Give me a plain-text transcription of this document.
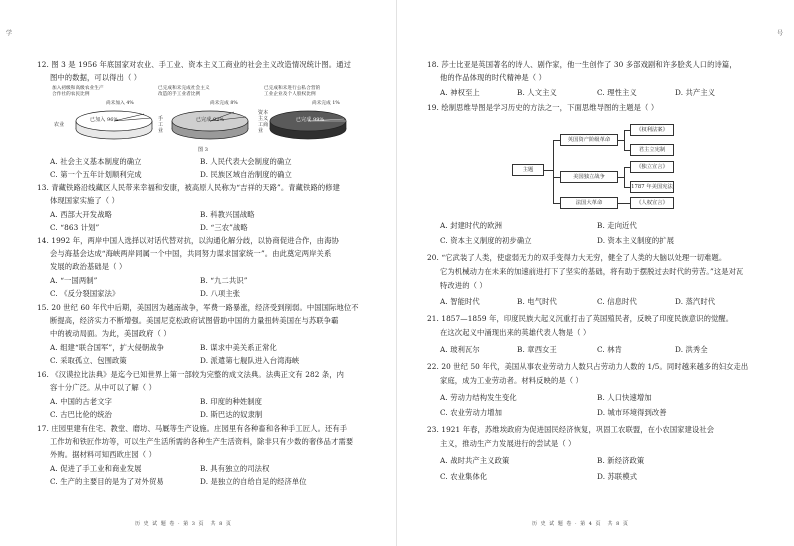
学
12. 图 3 是 1956 年底国家对农业、手工业、资本主义工商业的社会主义改造情况统计图。通过
图中的数据，可以得出（ ）
加入初级和高级农业生产
合作社的农民比例
尚未加入 4%
农业
已加入 96%
已完成和未完成社会主义
改造的手工业者比例
尚未完成 8%
手工业
已完成 92%
已完成和未进行公私合营的
工业企业及个人股权比例
尚未完成 1%
资本主义工商业
已完成 99%
图 3
A. 社会主义基本制度的确立	B. 人民代表大会制度的确立
C. 第一个五年计划顺利完成	D. 民族区域自治制度的确立
13. 青藏铁路沿线藏区人民带来幸福和安康，被高原人民称为“吉祥的天路”。青藏铁路的修建
体现国家实施了（ ）
A. 西部大开发战略	B. 科教兴国战略
C. “863 计划”	D. “三农”战略
14. 1992 年，两岸中国人选择以对话代替对抗，以沟通化解分歧，以协商促进合作，由海协
会与海基会达成“海峡两岸同属一个中国，共同努力谋求国家统一”。由此奠定两岸关系
发展的政治基础是（ ）
A. “一国两制”	B. “九二共识”
C. 《反分裂国家法》	D. 八项主张
15. 20 世纪 60 年代中后期，美国因为越南战争，军费一路暴涨，经济受到削弱。中国国际地位不
断提高，经济实力不断增强。美国尼克松政府试图借助中国的力量扭转美国在与苏联争霸
中的被动局面。为此，美国政府（ ）
A. 组建“联合国军”，扩大侵朝战争	B. 谋求中美关系正常化
C. 采取孤立、包围政策	D. 派遣第七舰队进入台湾海峡
16. 《汉谟拉比法典》是迄今已知世界上第一部较为完整的成文法典。法典正文有 282 条，内
容十分广泛。从中可以了解（ ）
A. 中国的古老文字	B. 印度的种姓制度
C. 古巴比伦的统治	D. 斯巴达的奴隶制
17. 庄园里建有住宅、教堂、磨坊、马厩等生产设施。庄园里有各种畜和各种手工匠人。还有手
工作坊和铁匠作坊等，可以生产生活所需的各种生产生活资料，除非只有少数的奢侈品才需要
外购。据材料可知西欧庄园（ ）
A. 促进了手工业和商业发展	B. 具有独立的司法权
C. 生产的主要目的是为了对外贸易	D. 是独立的自给自足的经济单位
历 史 试 题 卷 · 第 3 页　共 8 页
号
18. 莎士比亚是英国著名的诗人、剧作家，他一生创作了 30 多部戏剧和许多脍炙人口的诗篇，
他的作品体现的时代精神是（ ）
A. 神权至上	B. 人文主义	C. 理性主义	D. 共产主义
19. 绘制思维导图是学习历史的方法之一，下面思维导图的主题是（ ）
主题
英国资产阶级革命
美国独立战争
法国大革命
《权利法案》
君主立宪制
《独立宣言》
1787 年美国宪法
《人权宣言》
A. 封建时代的欧洲	B. 走向近代
C. 资本主义制度的初步确立	D. 资本主义制度的扩展
20. “它武装了人类，使虚弱无力的双手变得力大无穷，健全了人类的大脑以处理一切难题。
它为机械动力在未来的加速前进打下了坚实的基础，将有助于摆脱过去时代的劳苦。”这是对瓦
特改进的（ ）
A. 智能时代	B. 电气时代	C. 信息时代	D. 蒸汽时代
21. 1857—1859 年，印度民族大起义沉重打击了英国殖民者，反映了印度民族意识的觉醒。
在这次起义中涌现出来的英雄代表人物是（ ）
A. 玻利瓦尔	B. 章西女王	C. 林肯	D. 洪秀全
22. 20 世纪 50 年代，美国从事农业劳动力人数只占劳动力人数的 1/5。同时越来越多的妇女走出
家庭，成为工业劳动者。材料反映的是（ ）
A. 劳动力结构发生变化	B. 人口快速增加
C. 农业劳动力增加	D. 城市环境得到改善
23. 1921 年春，苏维埃政府为促进国民经济恢复，巩固工农联盟，在小农国家建设社会
主义，推动生产力发展进行的尝试是（ ）
A. 战时共产主义政策	B. 新经济政策
C. 农业集体化	D. 苏联模式
历 史 试 题 卷 · 第 4 页　共 8 页
